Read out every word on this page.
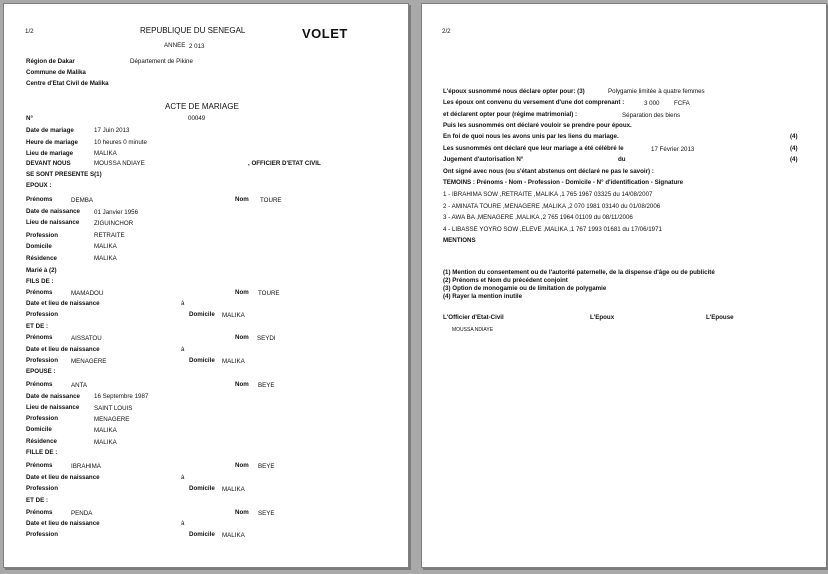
1/2	REPUBLIQUE DU SENEGAL	VOLET
ANNEE 2 013
Région de Dakar	Département de Pikine
Commune de Malika
Centre d'Etat Civil de Malika
ACTE DE MARIAGE
N°	00049
Date de mariage	17 Juin 2013
Heure de mariage	10 heures 0 minute
Lieu de mariage	MALIKA
DEVANT NOUS	MOUSSA NDIAYE	, OFFICIER D'ETAT CIVIL
SE SONT PRESENTE S(1)
EPOUX :
Prénoms	DEMBA	Nom TOURE
Date de naissance 01 Janvier 1956
Lieu de naissance ZIGUINCHOR
Profession	RETRAITE
Domicile	MALIKA
Résidence	MALIKA
Marié à (2)
FILS DE :
Prénoms	MAMADOU	Nom TOURE
Date et lieu de naissance	à
Profession	Domicile MALIKA
ET DE :
Prénoms	AISSATOU	Nom SEYDI
Date et lieu de naissance	à
Profession MENAGERE	Domicile MALIKA
EPOUSE :
Prénoms	ANTA	Nom BEYE
Date de naissance 16 Septembre 1987
Lieu de naissance SAINT LOUIS
Profession	MENAGERE
Domicile	MALIKA
Résidence	MALIKA
FILLE DE :
Prénoms	IBRAHIMA	Nom BEYE
Date et lieu de naissance	à
Profession	Domicile MALIKA
ET DE :
Prénoms	PENDA	Nom SEYE
Date et lieu de naissance	à
Profession	Domicile MALIKA
2/2
L'époux susnommé nous déclare opter pour: (3)	Polygamie limitée à quatre femmes
Les époux ont convenu du versement d'une dot comprenant :	3 000 FCFA
et déclarent opter pour (régime matrimonial) :	Séparation des biens
Puis les susnommés ont déclaré vouloir se prendre pour époux.
En foi de quoi nous les avons unis par les liens du mariage.	(4)
Les susnommés ont déclaré que leur mariage a été célébré le	17 Février 2013	(4)
Jugement d'autorisation N°	du	(4)
Ont signé avec nous (ou s'étant abstenus ont déclaré ne pas le savoir) :
TEMOINS : Prénoms - Nom - Profession - Domicile - N° d'identification - Signature
1 - IBRAHIMA SOW ,RETRAITE ,MALIKA ,1 765 1967 03325 du 14/08/2007
2 - AMINATA TOURE ,MENAGERE ,MALIKA ,2 070 1981 03140 du 01/08/2006
3 - AWA BA ,MENAGERE ,MALIKA ,2 765 1964 01109 du 08/11/2006
4 - LIBASSE YOYRO SOW ,ELEVE ,MALIKA ,1 767 1993 01681 du 17/06/1971
MENTIONS
(1) Mention du consentement ou de l'autorité paternelle, de la dispense d'âge ou de publicité
(2) Prénoms et Nom du précédent conjoint
(3) Option de monogamie ou de limitation de polygamie
(4) Rayer la mention inutile
L'Officier d'Etat-Civil	L'Epoux	L'Epouse
MOUSSA NDIAYE
